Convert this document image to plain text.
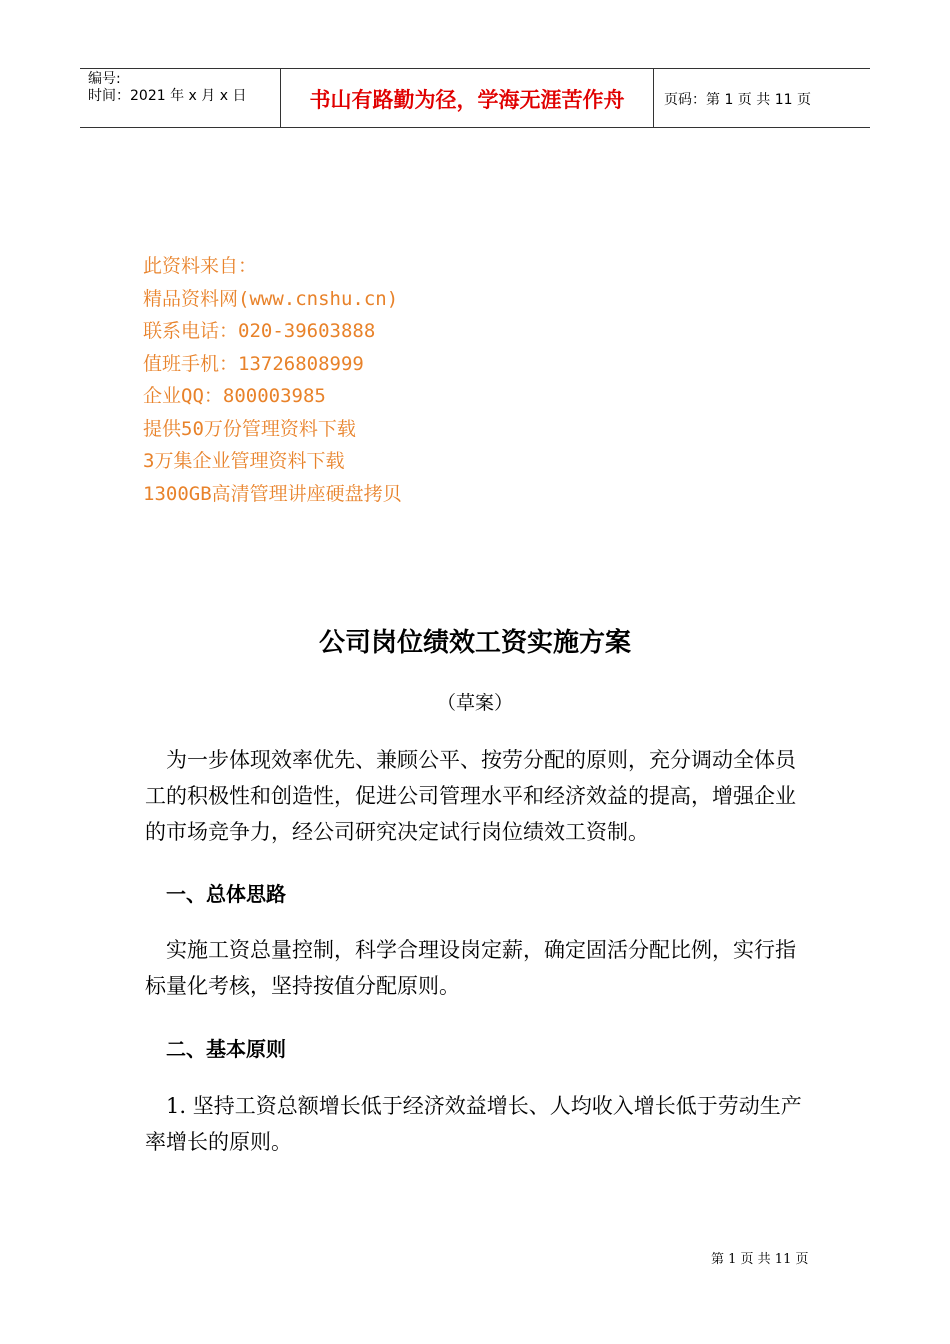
编号:
时间：2021 年 x 月 x 日	书山有路勤为径，学海无涯苦作舟	页码：第 1 页 共 11 页
此资料来自：
精品资料网(www.cnshu.cn)
联系电话：020-39603888
值班手机：13726808999
企业QQ：800003985
提供50万份管理资料下载
3万集企业管理资料下载
1300GB高清管理讲座硬盘拷贝
公司岗位绩效工资实施方案
（草案）

为一步体现效率优先、兼顾公平、按劳分配的原则，充分调动全体员工的积极性和创造性，促进公司管理水平和经济效益的提高，增强企业的市场竞争力，经公司研究决定试行岗位绩效工资制。

一、总体思路

实施工资总量控制，科学合理设岗定薪，确定固活分配比例，实行指标量化考核，坚持按值分配原则。

二、基本原则

1. 坚持工资总额增长低于经济效益增长、人均收入增长低于劳动生产率增长的原则。

第 1 页 共 11 页
